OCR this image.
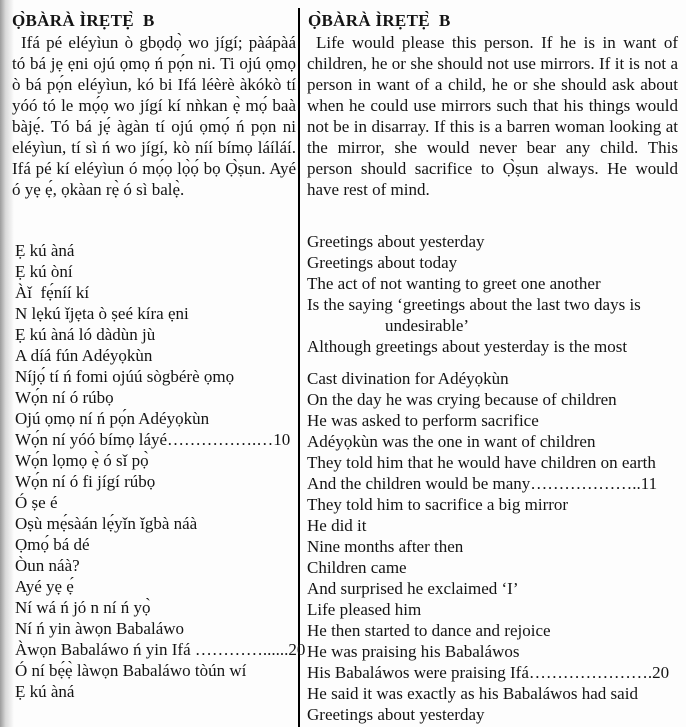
Ọ̀BÀRÀ ÌRẸTẸ̀  B
Ifá pé eléyìun ò gbọdọ̀ wo jígí; pàápàá
tó bá jẹ ẹni ojú ọmọ ń pọ́n ni. Ti ojú ọmọ
ò bá pọ́n eléyìun, kó bi Ifá léèrè àkókò tí
yóó tó le mọ́ọ wo jígí kí nǹkan ẹ̀ mọ́ baà
bàjẹ́. Tó bá jẹ́ àgàn tí ojú ọmọ́ ń pọn ni
eléyìun, tí sì ń wo jígí, kò níí bímọ láíláí.
Ifá pé kí eléyìun ó mọ́ọ lọ̀ọ́ bọ Ọ̀ṣun. Ayé
ó yẹ ẹ́, ọkàan rẹ̀ ó sì balẹ̀.
Ẹ kú àná
Ẹ kú òní
Àǐ  fẹ́níí kí
N lẹkú ǐjẹta ò ṣeé kíra ẹni
Ẹ kú àná ló dàdùn jù
A díá fún Adéyọkùn
Níjọ́ tí ń fomi ojúú sògbérè ọmọ
Wọ́n ní ó rúbọ
Ojú ọmọ ní ń pọ́n Adéyọkùn
Wọ́n ní yóó bímọ láyé…………….…10
Wọ́n lọmọ ẹ̀ ó sǐ pọ̀
Wọ́n ní ó fi jígí rúbọ
Ó ṣe é
Oṣù mẹ́sàán lẹ́yǐn ǐgbà náà
Ọmọ́ bá dé
Òun náà?
Ayé yẹ ẹ́
Ní wá ń jó n ní ń yọ̀
Ní ń yin àwọn Babaláwo
Àwọn Babaláwo ń yin Ifá …………......20
Ó ní bẹ́ẹ̀ làwọn Babaláwo tòún wí
Ẹ kú àná
Ọ̀BÀRÀ ÌRẸTẸ̀  B
Life would please this person. If he is in want of
children, he or she should not use mirrors. If it is not a
person in want of a child, he or she should ask about
when he could use mirrors such that his things would
not be in disarray. If this is a barren woman looking at
the mirror, she would never bear any child. This
person should sacrifice to Ọ̀ṣun always. He would
have rest of mind.
Greetings about yesterday
Greetings about today
The act of not wanting to greet one another
Is the saying ‘greetings about the last two days is
undesirable’
Although greetings about yesterday is the most
Cast divination for Adéyọkùn
On the day he was crying because of children
He was asked to perform sacrifice
Adéyọkùn was the one in want of children
They told him that he would have children on earth
And the children would be many………………..11
They told him to sacrifice a big mirror
He did it
Nine months after then
Children came
And surprised he exclaimed ‘I’
Life pleased him
He then started to dance and rejoice
He was praising his Babaláwos
His Babaláwos were praising Ifá………………….20
He said it was exactly as his Babaláwos had said
Greetings about yesterday
